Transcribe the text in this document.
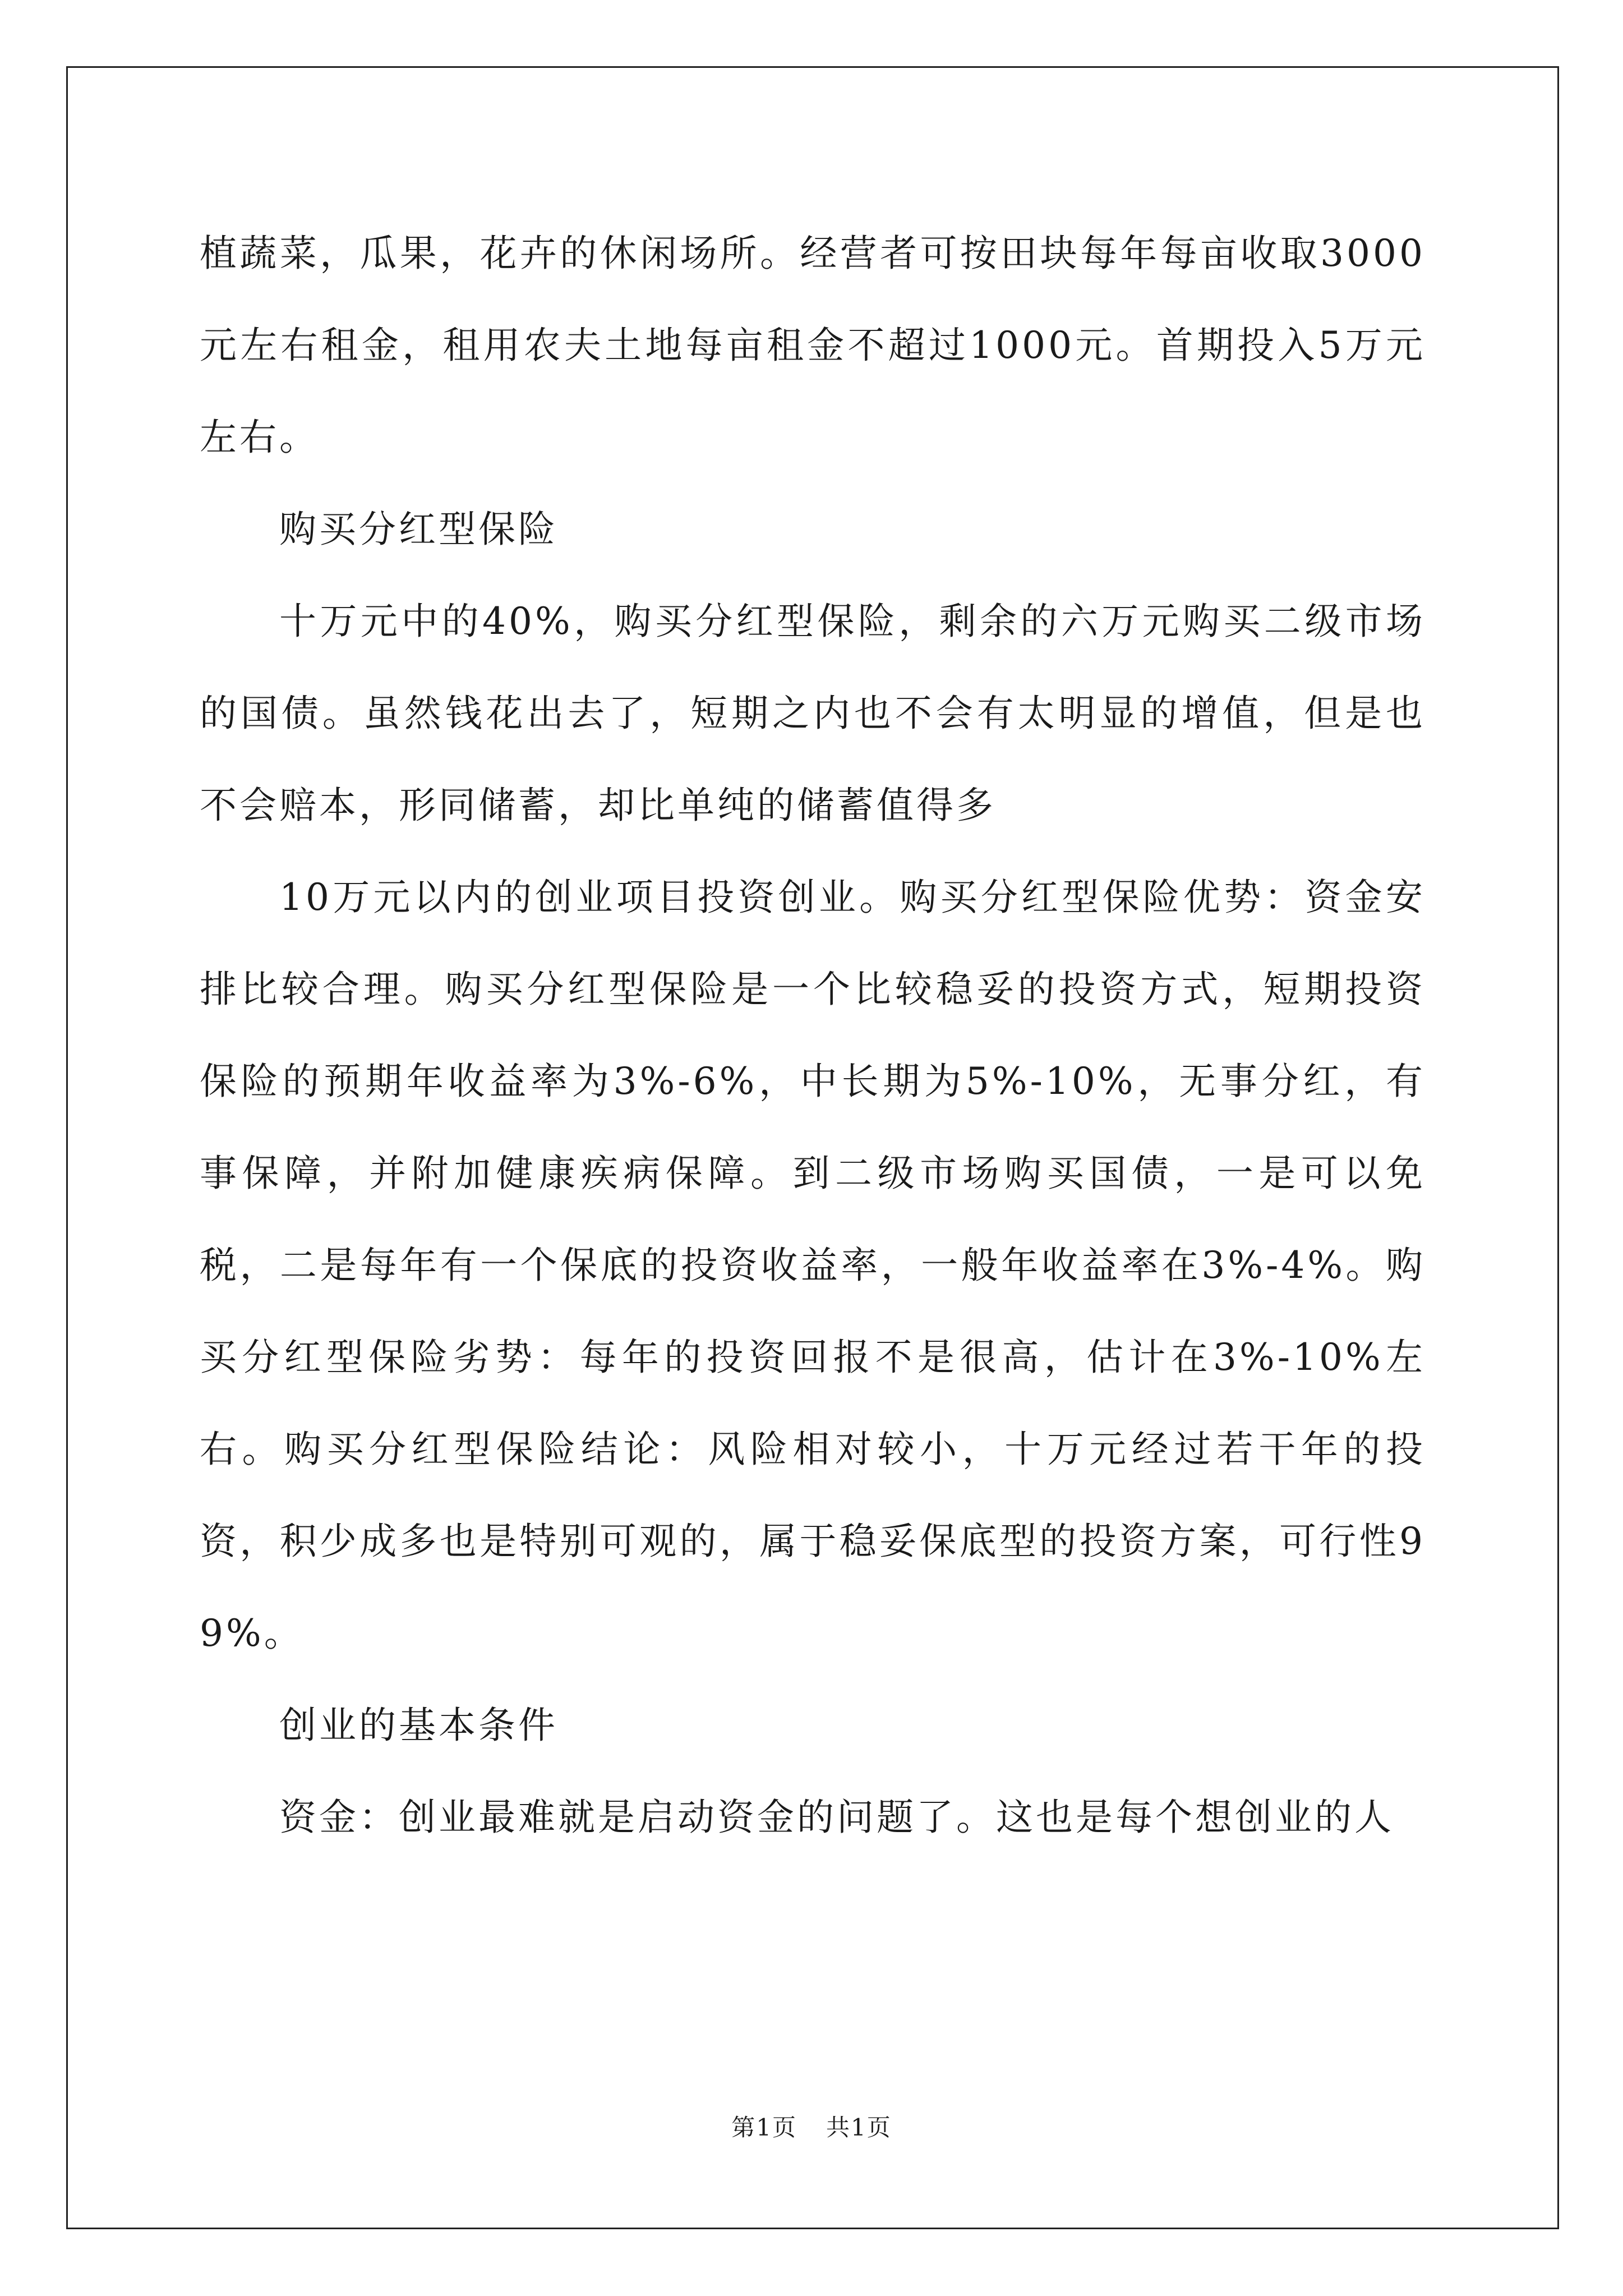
植蔬菜，瓜果，花卉的休闲场所。经营者可按田块每年每亩收取3000元左右租金，租用农夫土地每亩租金不超过1000元。首期投入5万元左右。

购买分红型保险

十万元中的40%，购买分红型保险，剩余的六万元购买二级市场的国债。虽然钱花出去了，短期之内也不会有太明显的增值，但是也不会赔本，形同储蓄，却比单纯的储蓄值得多

10万元以内的创业项目投资创业。购买分红型保险优势：资金安排比较合理。购买分红型保险是一个比较稳妥的投资方式，短期投资保险的预期年收益率为3%-6%，中长期为5%-10%，无事分红，有事保障，并附加健康疾病保障。到二级市场购买国债，一是可以免税，二是每年有一个保底的投资收益率，一般年收益率在3%-4%。购买分红型保险劣势：每年的投资回报不是很高，估计在3%-10%左右。购买分红型保险结论：风险相对较小，十万元经过若干年的投资，积少成多也是特别可观的，属于稳妥保底型的投资方案，可行性99%。

创业的基本条件

资金：创业最难就是启动资金的问题了。这也是每个想创业的人

第1页 共1页
